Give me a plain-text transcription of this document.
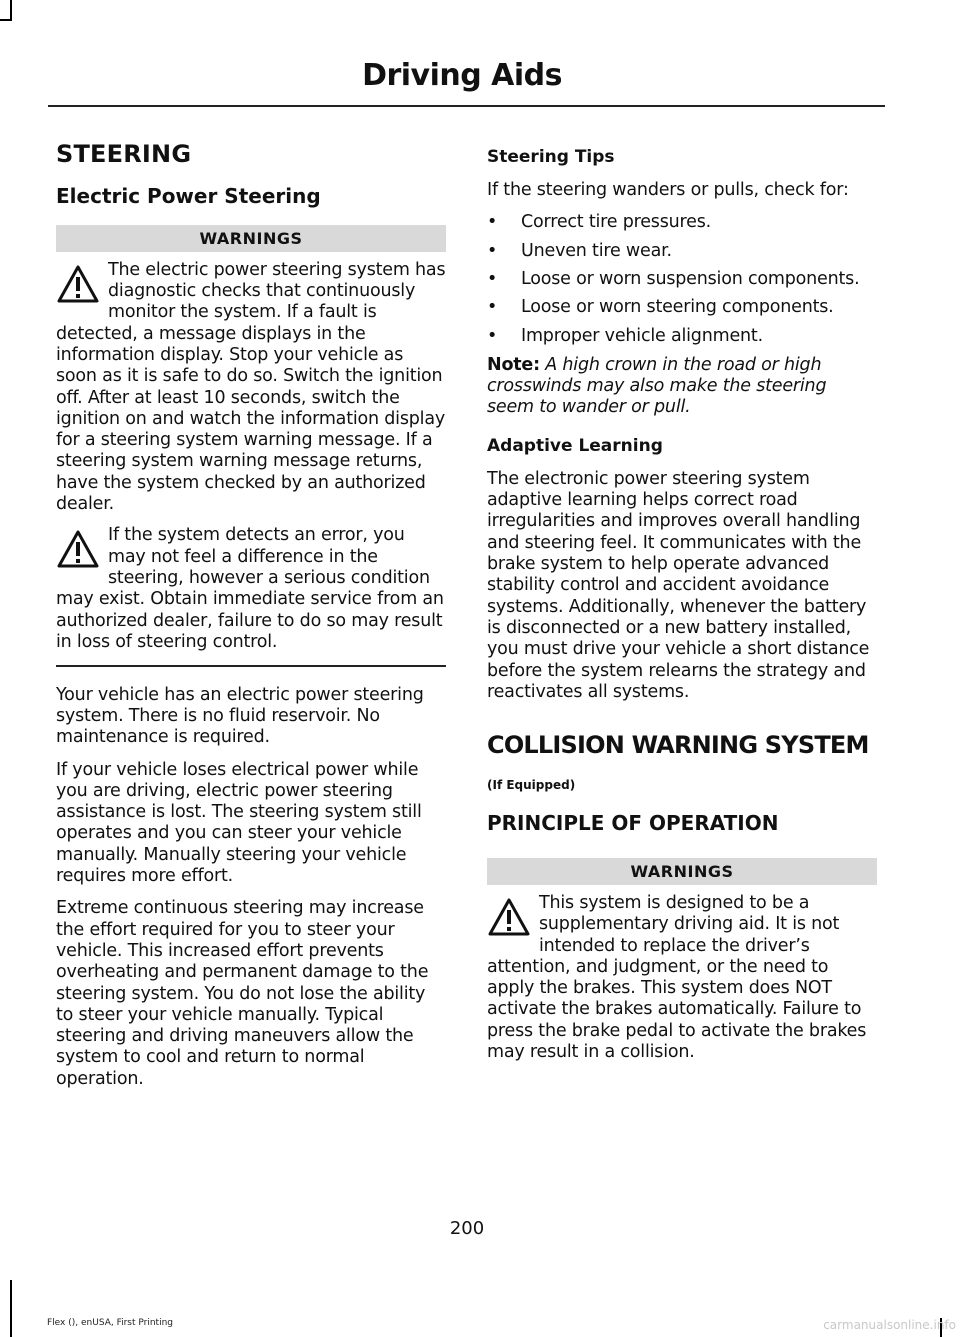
Driving Aids
STEERING
Electric Power Steering
WARNINGS
The electric power steering system has diagnostic checks that continuously monitor the system. If a fault is detected, a message displays in the information display. Stop your vehicle as soon as it is safe to do so. Switch the ignition off. After at least 10 seconds, switch the ignition on and watch the information display for a steering system warning message. If a steering system warning message returns, have the system checked by an authorized dealer.
If the system detects an error, you may not feel a difference in the steering, however a serious condition may exist. Obtain immediate service from an authorized dealer, failure to do so may result in loss of steering control.

Your vehicle has an electric power steering system. There is no fluid reservoir. No maintenance is required.

If your vehicle loses electrical power while you are driving, electric power steering assistance is lost. The steering system still operates and you can steer your vehicle manually. Manually steering your vehicle requires more effort.

Extreme continuous steering may increase the effort required for you to steer your vehicle. This increased effort prevents overheating and permanent damage to the steering system. You do not lose the ability to steer your vehicle manually. Typical steering and driving maneuvers allow the system to cool and return to normal operation.

Steering Tips

If the steering wanders or pulls, check for:

• Correct tire pressures.
• Uneven tire wear.
• Loose or worn suspension components.
• Loose or worn steering components.
• Improper vehicle alignment.

Note: A high crown in the road or high crosswinds may also make the steering seem to wander or pull.

Adaptive Learning

The electronic power steering system adaptive learning helps correct road irregularities and improves overall handling and steering feel. It communicates with the brake system to help operate advanced stability control and accident avoidance systems. Additionally, whenever the battery is disconnected or a new battery installed, you must drive your vehicle a short distance before the system relearns the strategy and reactivates all systems.

COLLISION WARNING SYSTEM
(If Equipped)
PRINCIPLE OF OPERATION
WARNINGS
This system is designed to be a supplementary driving aid. It is not intended to replace the driver’s attention, and judgment, or the need to apply the brakes. This system does NOT activate the brakes automatically. Failure to press the brake pedal to activate the brakes may result in a collision.
200
Flex (), enUSA, First Printing	carmanualsonline.info
